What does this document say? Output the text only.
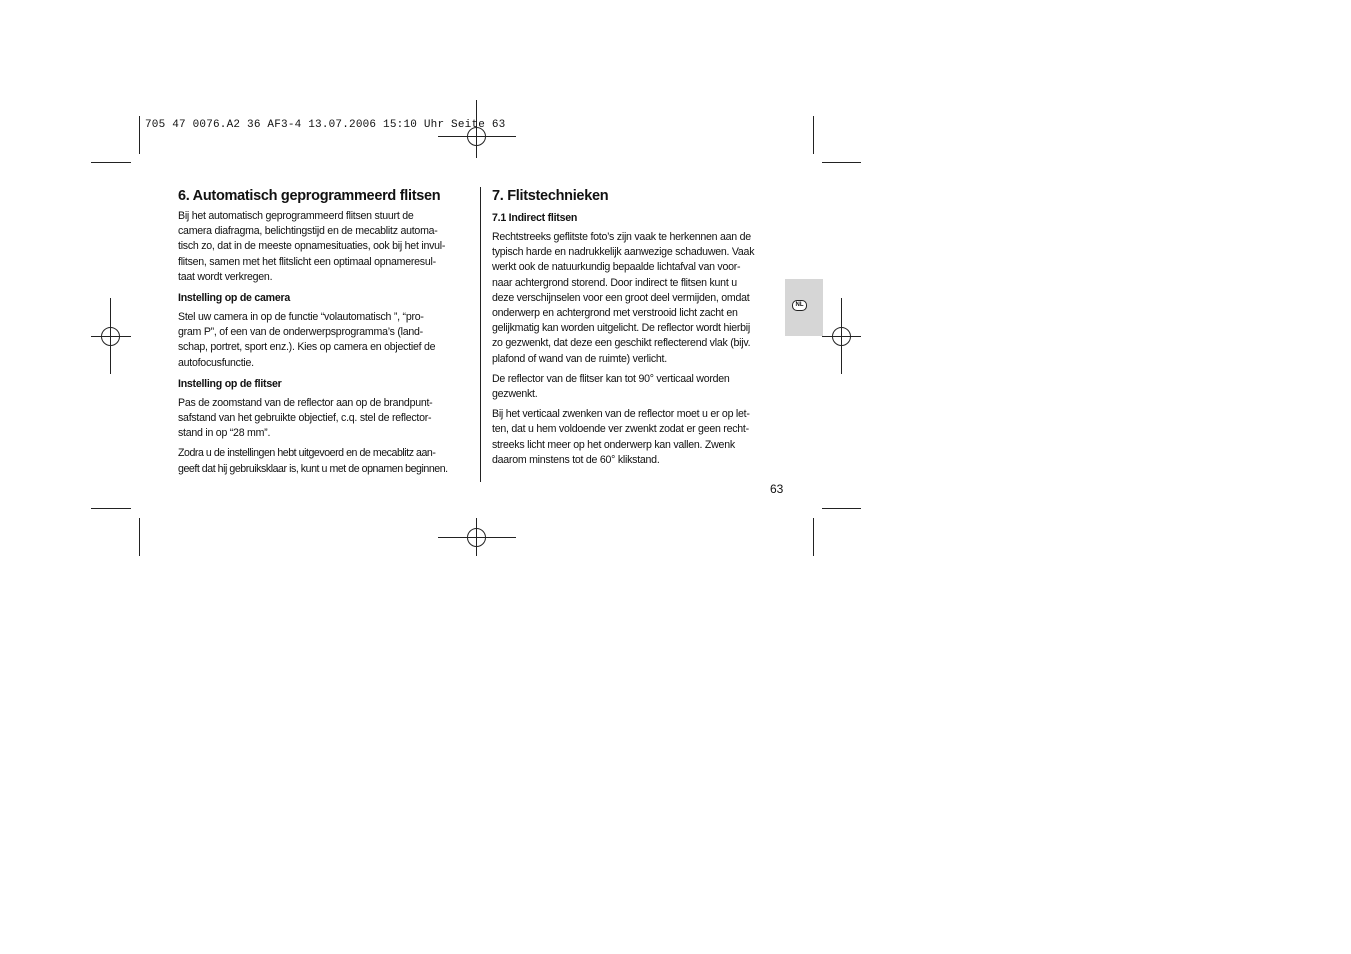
705 47 0076.A2 36 AF3-4 13.07.2006 15:10 Uhr Seite 63
6. Automatisch geprogrammeerd flitsen

Bij het automatisch geprogrammeerd flitsen stuurt de
camera diafragma, belichtingstijd en de mecablitz automa-
tisch zo, dat in de meeste opnamesituaties, ook bij het invul-
flitsen, samen met het flitslicht een optimaal opnameresul-
taat wordt verkregen.

Instelling op de camera

Stel uw camera in op de functie “volautomatisch ”, “pro-
gram P”, of een van de onderwerpsprogramma’s (land-
schap, portret, sport enz.). Kies op camera en objectief de
autofocusfunctie.

Instelling op de flitser

Pas de zoomstand van de reflector aan op de brandpunt-
safstand van het gebruikte objectief, c.q. stel de reflector-
stand in op “28 mm”.

Zodra u de instellingen hebt uitgevoerd en de mecablitz aan-
geeft dat hij gebruiksklaar is, kunt u met de opnamen beginnen.

7. Flitstechnieken
7.1 Indirect flitsen

Rechtstreeks geflitste foto’s zijn vaak te herkennen aan de
typisch harde en nadrukkelijk aanwezige schaduwen. Vaak
werkt ook de natuurkundig bepaalde lichtafval van voor-
naar achtergrond storend. Door indirect te flitsen kunt u
deze verschijnselen voor een groot deel vermijden, omdat
onderwerp en achtergrond met verstrooid licht zacht en
gelijkmatig kan worden uitgelicht. De reflector wordt hierbij
zo gezwenkt, dat deze een geschikt reflecterend vlak (bijv.
plafond of wand van de ruimte) verlicht.

De reflector van de flitser kan tot 90° verticaal worden
gezwenkt.

Bij het verticaal zwenken van de reflector moet u er op let-
ten, dat u hem voldoende ver zwenkt zodat er geen recht-
streeks licht meer op het onderwerp kan vallen. Zwenk
daarom minstens tot de 60° klikstand.

NL
63
